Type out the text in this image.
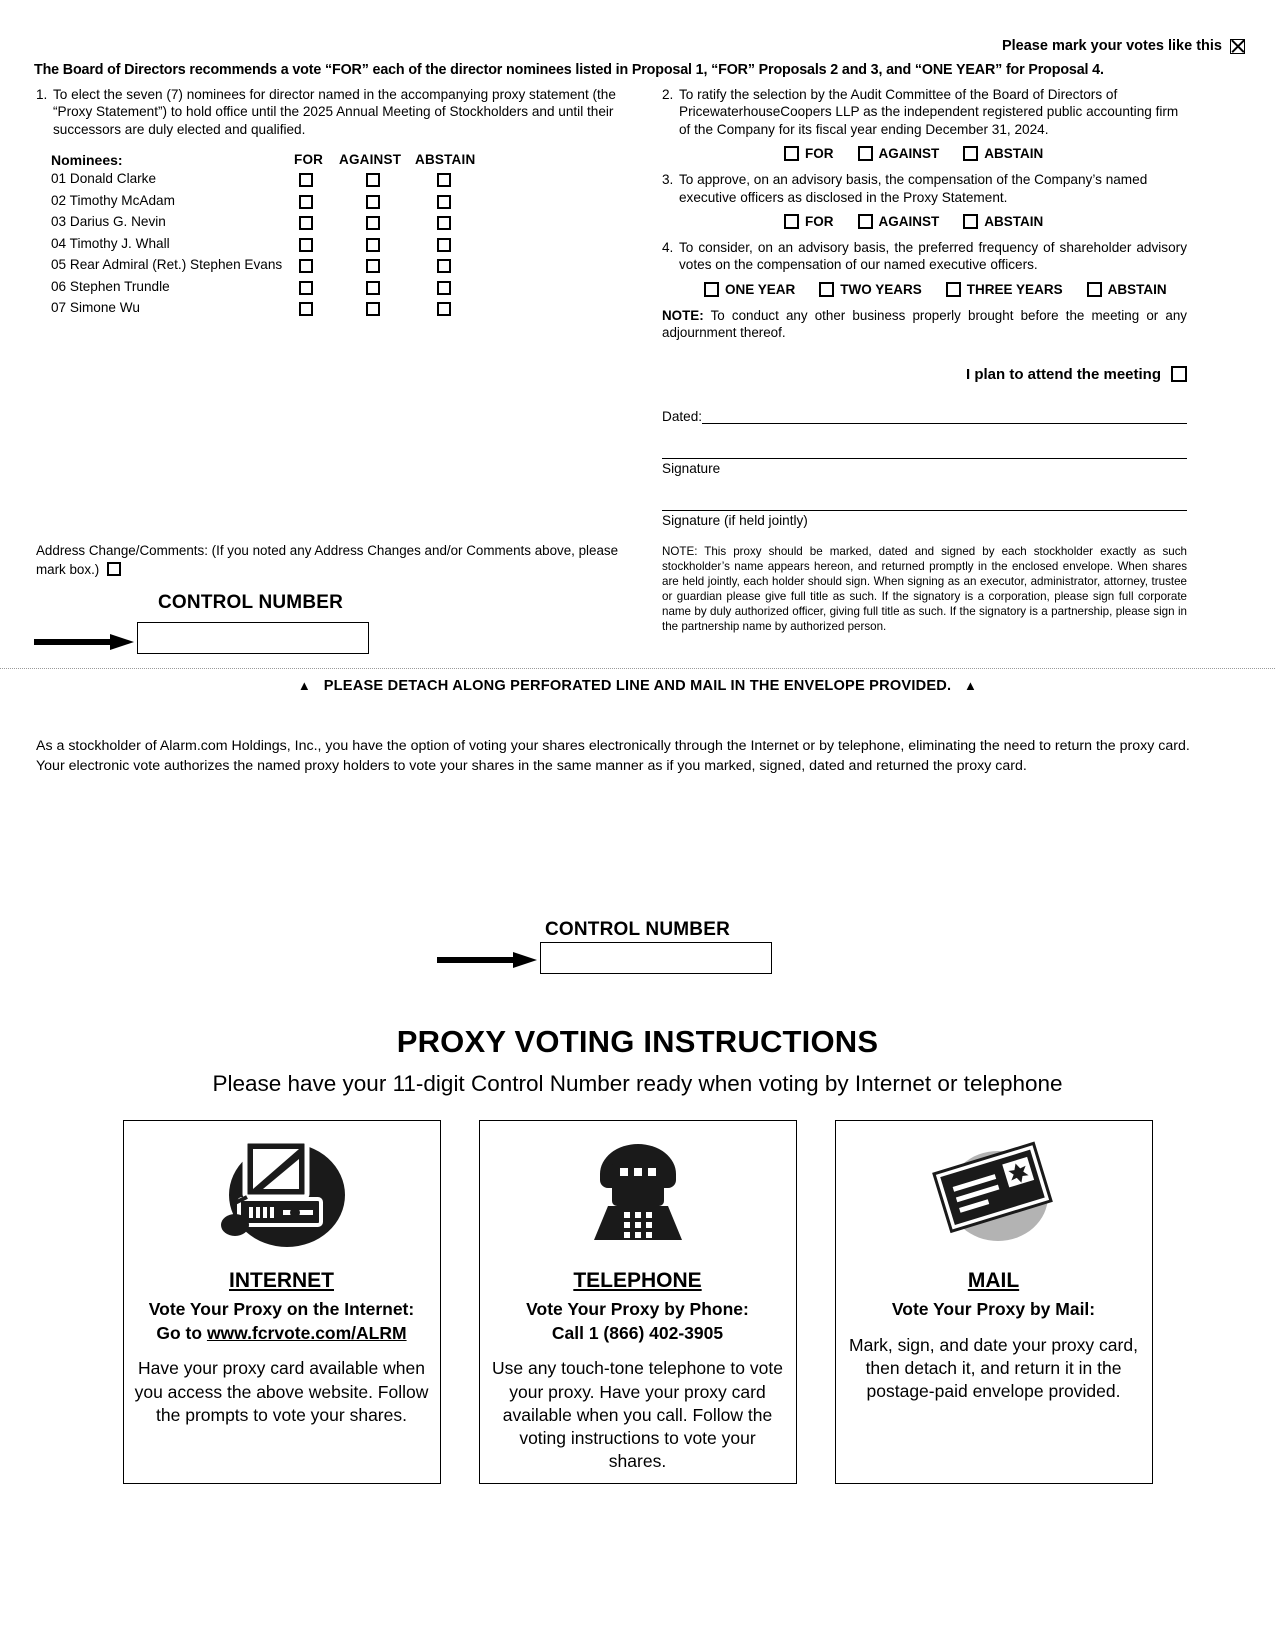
Please mark your votes like this
The Board of Directors recommends a vote “FOR” each of the director nominees listed in Proposal 1, “FOR” Proposals 2 and 3, and “ONE YEAR” for Proposal 4.
1. To elect the seven (7) nominees for director named in the accompanying proxy statement (the “Proxy Statement”) to hold office until the 2025 Annual Meeting of Stockholders and until their successors are duly elected and qualified.
Nominees:	FOR AGAINST ABSTAIN
01 Donald Clarke
02 Timothy McAdam
03 Darius G. Nevin
04 Timothy J. Whall
05 Rear Admiral (Ret.) Stephen Evans
06 Stephen Trundle
07 Simone Wu
2. To ratify the selection by the Audit Committee of the Board of Directors of PricewaterhouseCoopers LLP as the independent registered public accounting firm of the Company for its fiscal year ending December 31, 2024.
FOR	AGAINST	ABSTAIN
3. To approve, on an advisory basis, the compensation of the Company’s named executive officers as disclosed in the Proxy Statement.
FOR	AGAINST	ABSTAIN
4. To consider, on an advisory basis, the preferred frequency of shareholder advisory votes on the compensation of our named executive officers.
ONE YEAR	TWO YEARS	THREE YEARS	ABSTAIN
NOTE: To conduct any other business properly brought before the meeting or any adjournment thereof.
I plan to attend the meeting
Dated:
Signature
Signature (if held jointly)
NOTE: This proxy should be marked, dated and signed by each stockholder exactly as such stockholder’s name appears hereon, and returned promptly in the enclosed envelope. When shares are held jointly, each holder should sign. When signing as an executor, administrator, attorney, trustee or guardian please give full title as such. If the signatory is a corporation, please sign full corporate name by duly authorized officer, giving full title as such. If the signatory is a partnership, please sign in the partnership name by authorized person.
Address Change/Comments: (If you noted any Address Changes and/or Comments above, please mark box.)
CONTROL NUMBER
▲ PLEASE DETACH ALONG PERFORATED LINE AND MAIL IN THE ENVELOPE PROVIDED. ▲
As a stockholder of Alarm.com Holdings, Inc., you have the option of voting your shares electronically through the Internet or by telephone, eliminating the need to return the proxy card. Your electronic vote authorizes the named proxy holders to vote your shares in the same manner as if you marked, signed, dated and returned the proxy card.
CONTROL NUMBER
PROXY VOTING INSTRUCTIONS
Please have your 11-digit Control Number ready when voting by Internet or telephone
INTERNET
Vote Your Proxy on the Internet:
Go to www.fcrvote.com/ALRM
Have your proxy card available when you access the above website. Follow the prompts to vote your shares.
TELEPHONE
Vote Your Proxy by Phone:
Call 1 (866) 402-3905
Use any touch-tone telephone to vote your proxy. Have your proxy card available when you call. Follow the voting instructions to vote your shares.
MAIL
Vote Your Proxy by Mail:
Mark, sign, and date your proxy card, then detach it, and return it in the postage-paid envelope provided.
